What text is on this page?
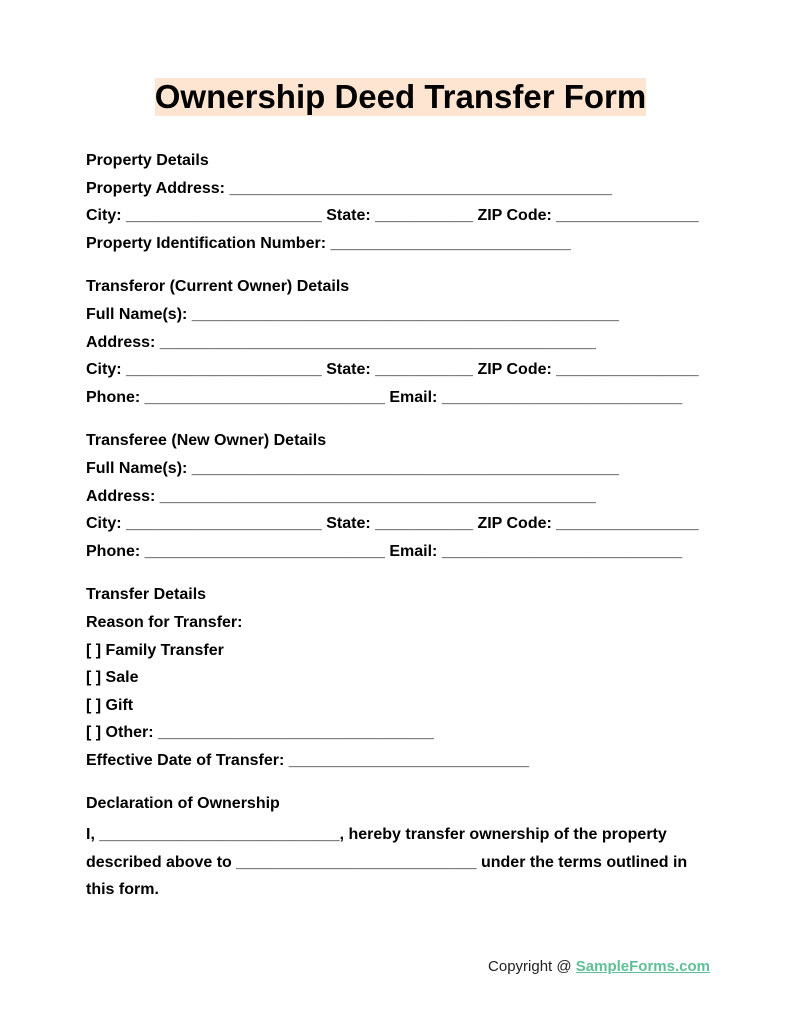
Ownership Deed Transfer Form
Property Details
Property Address: ___________________________________________
City: ______________________ State: ___________ ZIP Code: ________________
Property Identification Number: ___________________________
Transferor (Current Owner) Details
Full Name(s): ________________________________________________
Address: _________________________________________________
City: ______________________ State: ___________ ZIP Code: ________________
Phone: ___________________________ Email: ___________________________
Transferee (New Owner) Details
Full Name(s): ________________________________________________
Address: _________________________________________________
City: ______________________ State: ___________ ZIP Code: ________________
Phone: ___________________________ Email: ___________________________
Transfer Details
Reason for Transfer:
[ ] Family Transfer
[ ] Sale
[ ] Gift
[ ] Other: _______________________________
Effective Date of Transfer: ___________________________
Declaration of Ownership
I, ___________________________, hereby transfer ownership of the property described above to ___________________________ under the terms outlined in this form.
Copyright @ SampleForms.com
